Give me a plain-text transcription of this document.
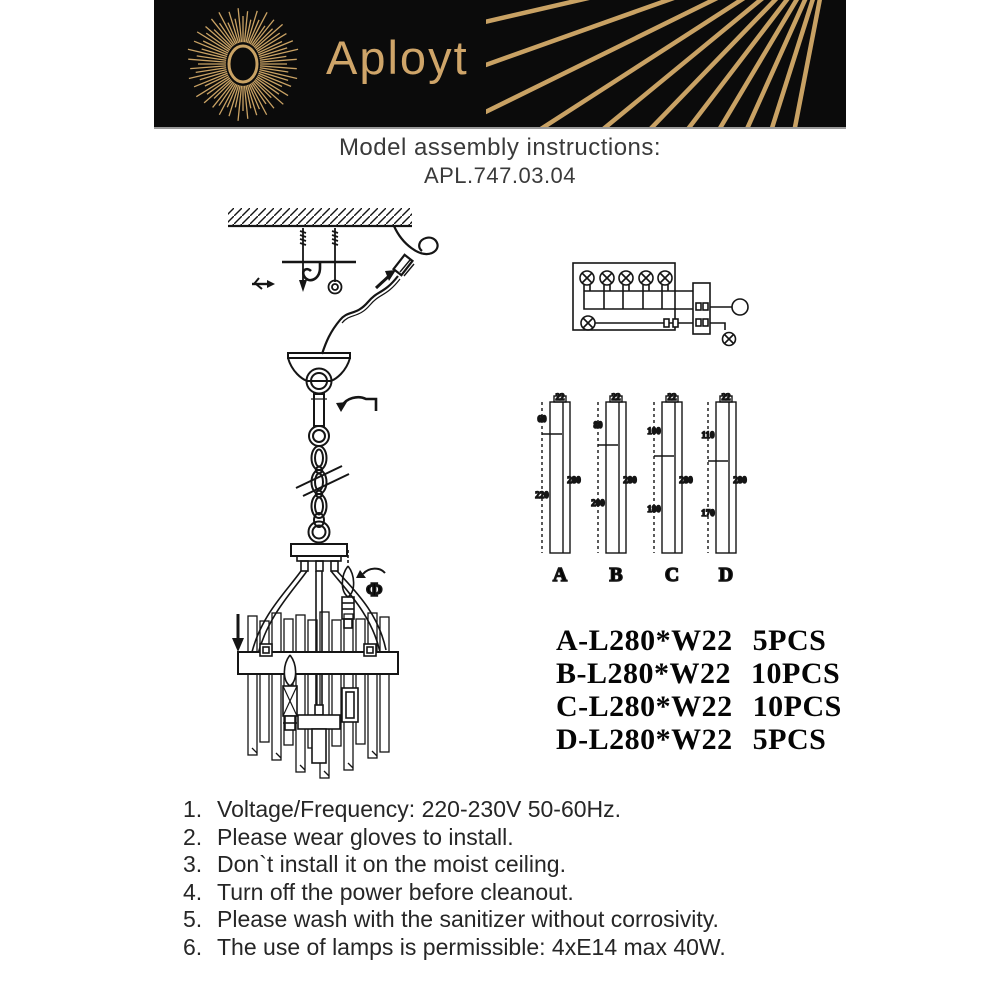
Aployt
Model assembly instructions:
APL.747.03.04
Φ
22
60
220
280
A
22
80
200
280
B
22
100
180
280
C
22
110
170
280
D
A-L280*W22 5PCS
B-L280*W22 10PCS
C-L280*W22 10PCS
D-L280*W22 5PCS
1. Voltage/Frequency: 220-230V 50-60Hz.
2. Please wear gloves to install.
3. Don`t install it on the moist ceiling.
4. Turn off the power before cleanout.
5. Please wash with the sanitizer without corrosivity.
6. The use of lamps is permissible: 4xE14 max 40W.
